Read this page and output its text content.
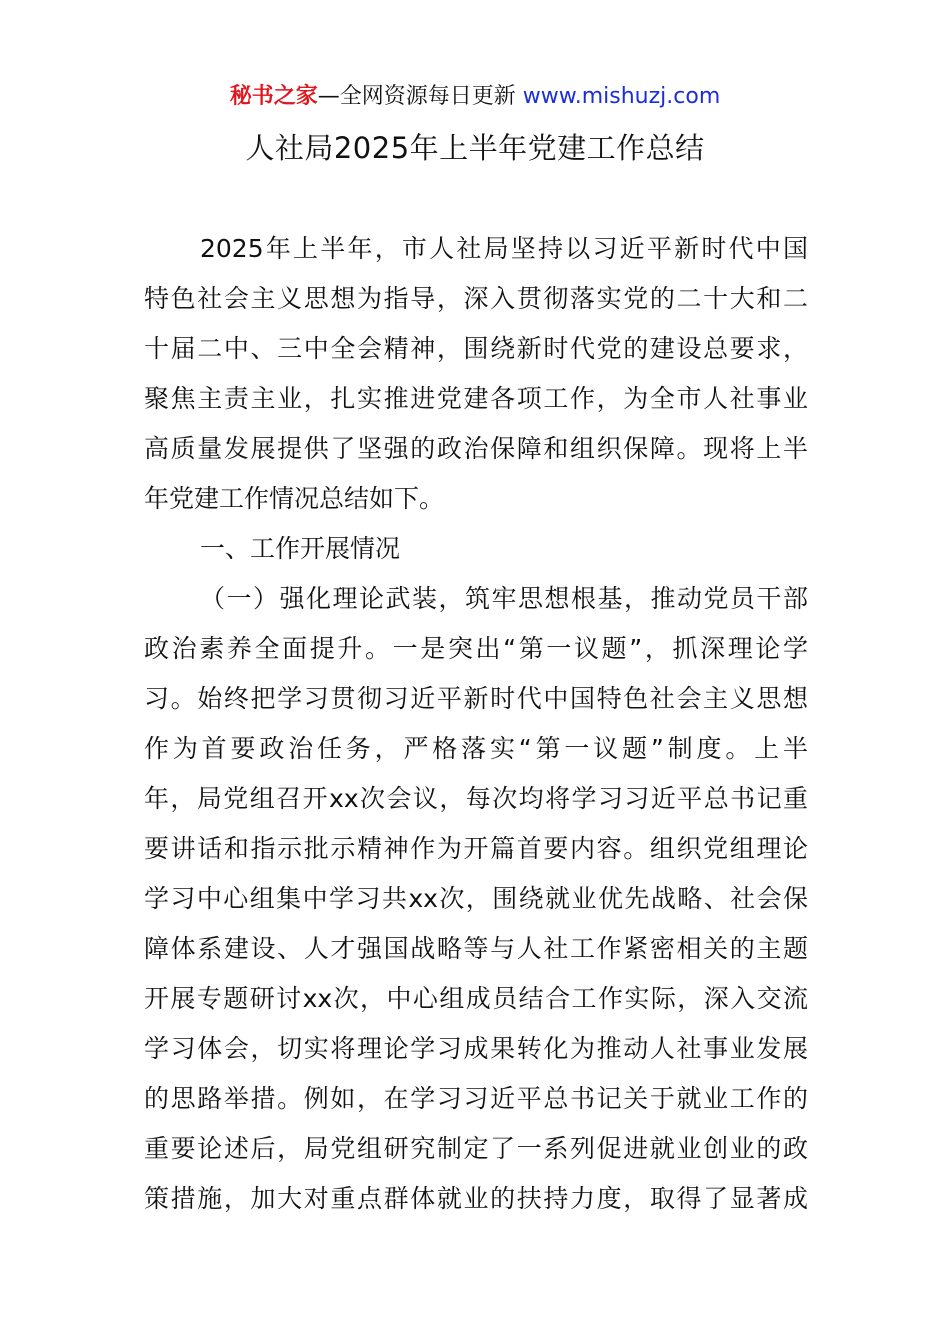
秘书之家—全网资源每日更新 www.mishuzj.com
人社局2025年上半年党建工作总结
2025年上半年，市人社局坚持以习近平新时代中国
特色社会主义思想为指导，深入贯彻落实党的二十大和二
十届二中、三中全会精神，围绕新时代党的建设总要求，
聚焦主责主业，扎实推进党建各项工作，为全市人社事业
高质量发展提供了坚强的政治保障和组织保障。现将上半
年党建工作情况总结如下。
一、工作开展情况
（一）强化理论武装，筑牢思想根基，推动党员干部
政治素养全面提升。一是突出“第一议题”，抓深理论学
习。始终把学习贯彻习近平新时代中国特色社会主义思想
作为首要政治任务，严格落实“第一议题”制度。上半
年，局党组召开xx次会议，每次均将学习习近平总书记重
要讲话和指示批示精神作为开篇首要内容。组织党组理论
学习中心组集中学习共xx次，围绕就业优先战略、社会保
障体系建设、人才强国战略等与人社工作紧密相关的主题
开展专题研讨xx次，中心组成员结合工作实际，深入交流
学习体会，切实将理论学习成果转化为推动人社事业发展
的思路举措。例如，在学习习近平总书记关于就业工作的
重要论述后，局党组研究制定了一系列促进就业创业的政
策措施，加大对重点群体就业的扶持力度，取得了显著成
